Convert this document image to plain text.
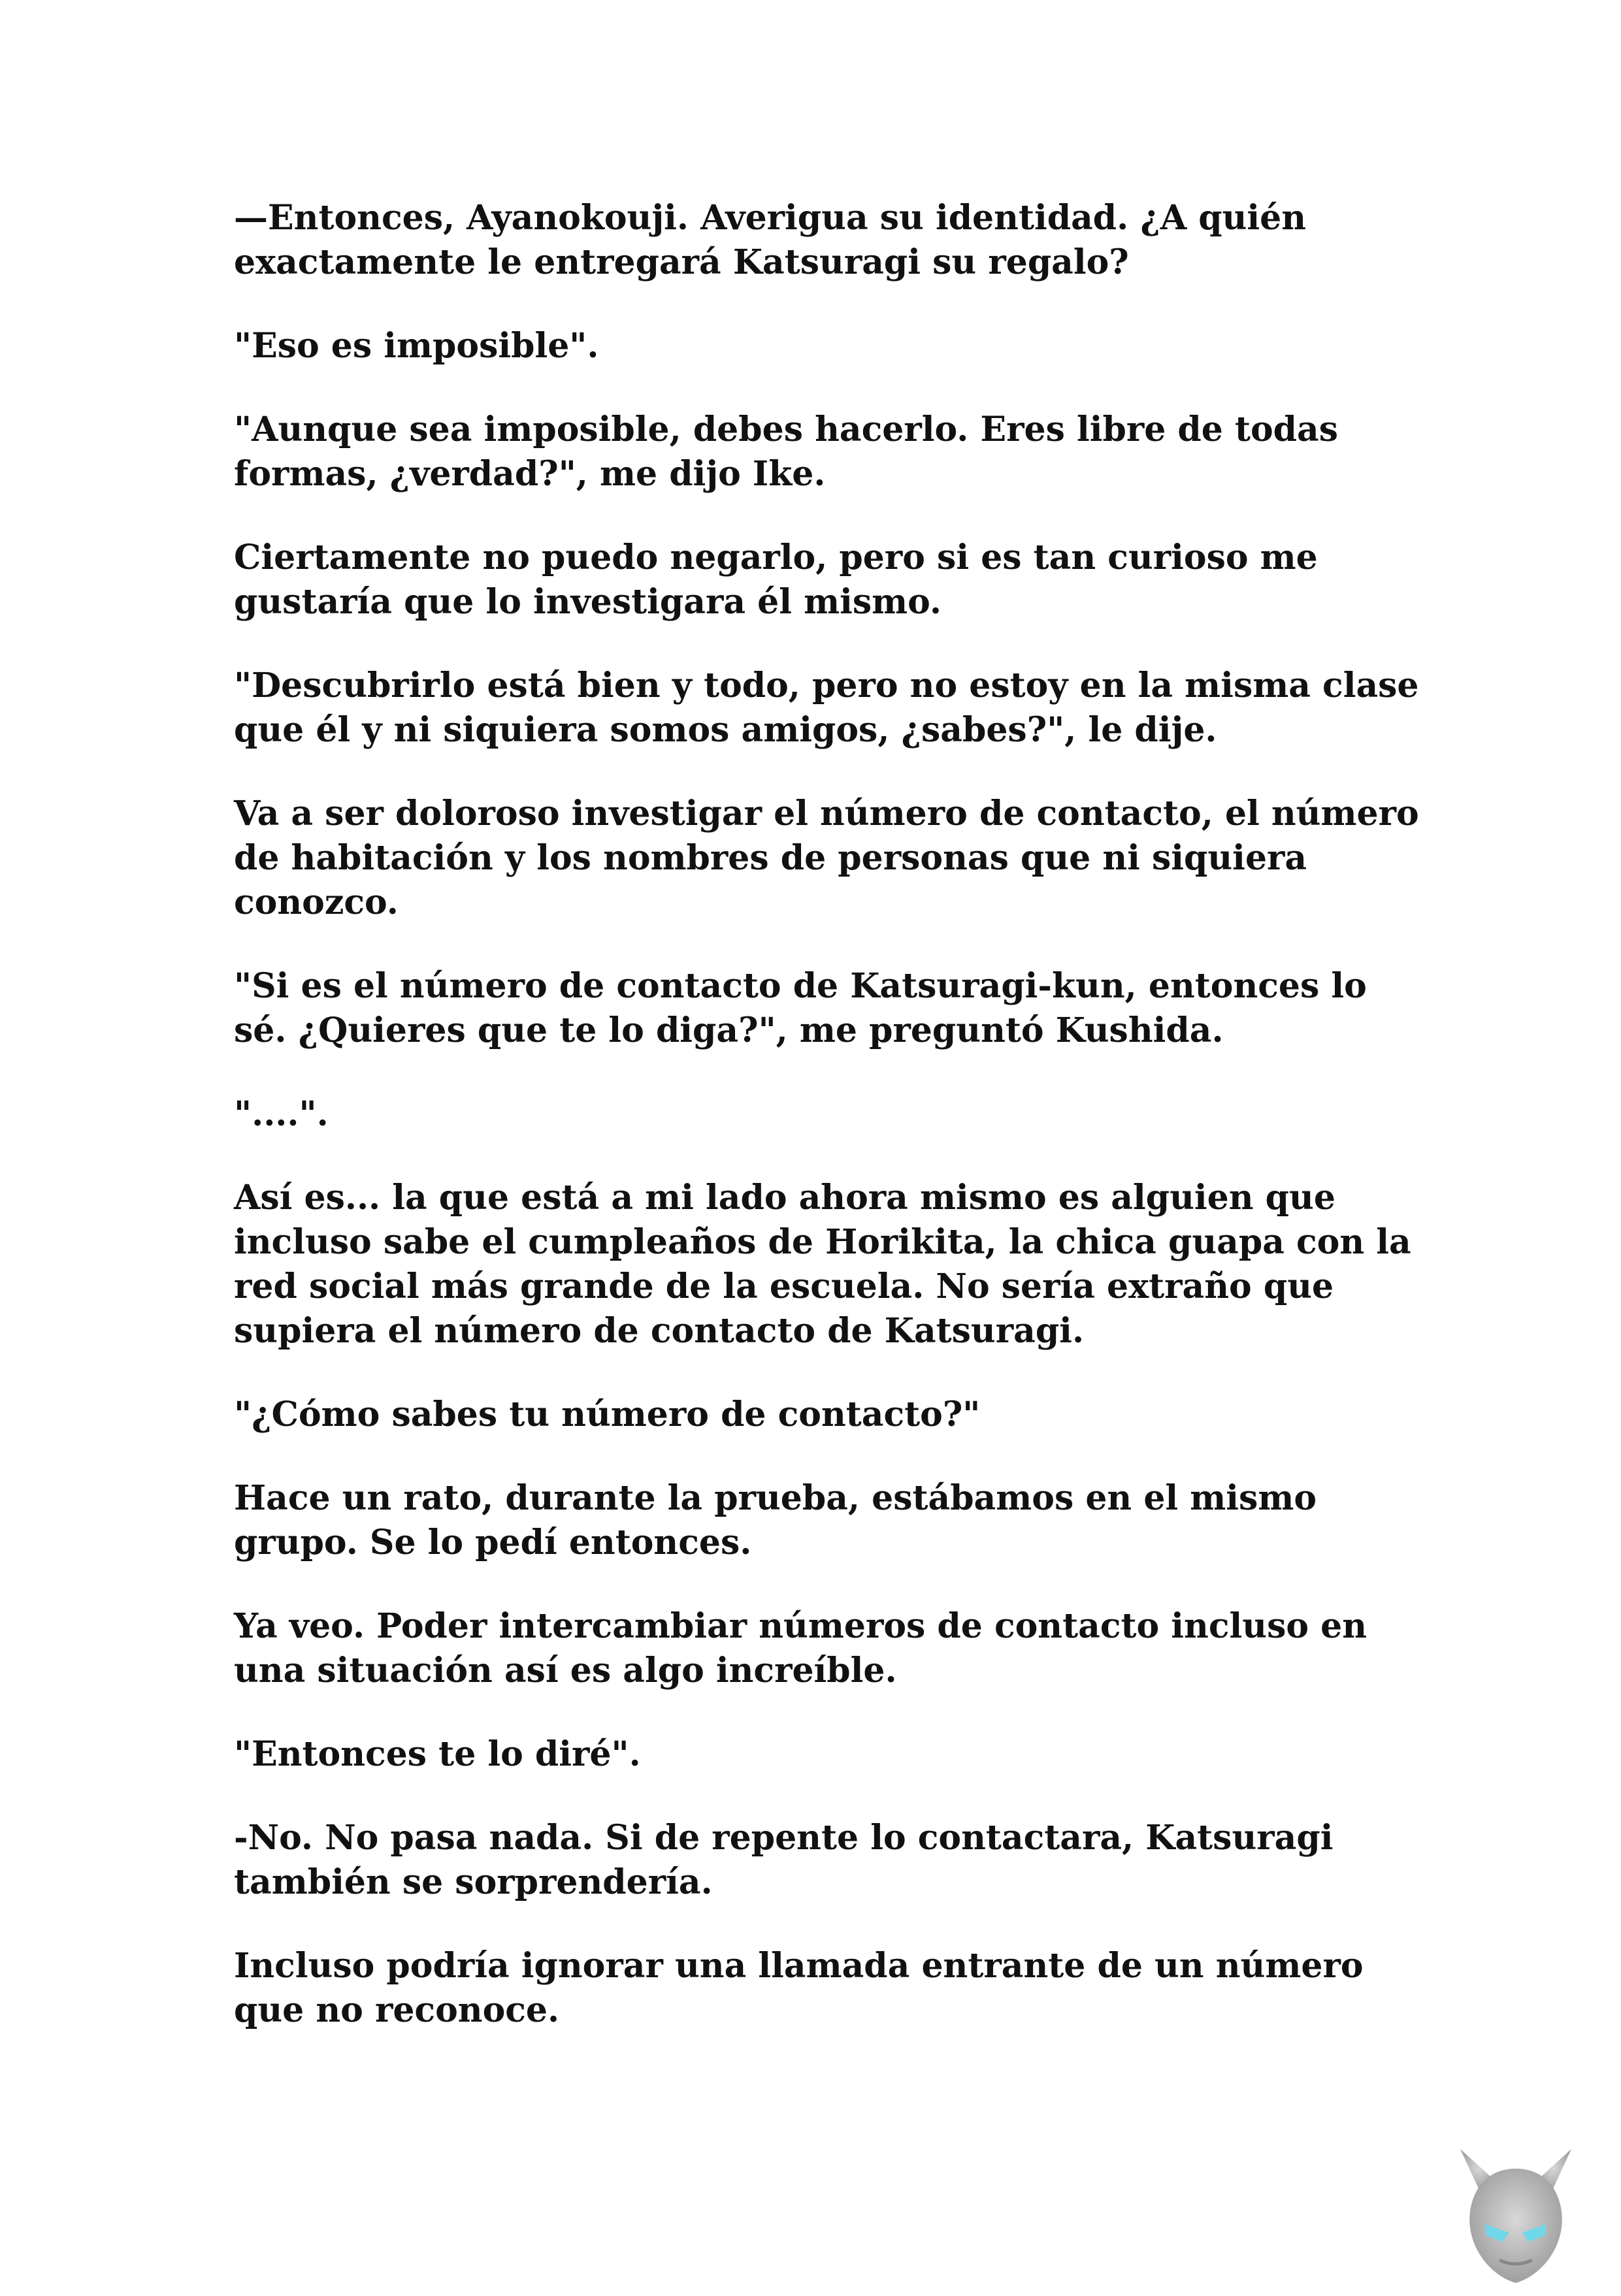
—Entonces, Ayanokouji. Averigua su identidad. ¿A quién exactamente le entregará Katsuragi su regalo?

"Eso es imposible".

"Aunque sea imposible, debes hacerlo. Eres libre de todas formas, ¿verdad?", me dijo Ike.

Ciertamente no puedo negarlo, pero si es tan curioso me gustaría que lo investigara él mismo.

"Descubrirlo está bien y todo, pero no estoy en la misma clase que él y ni siquiera somos amigos, ¿sabes?", le dije.

Va a ser doloroso investigar el número de contacto, el número de habitación y los nombres de personas que ni siquiera conozco.

"Si es el número de contacto de Katsuragi-kun, entonces lo sé. ¿Quieres que te lo diga?", me preguntó Kushida.

"....".

Así es... la que está a mi lado ahora mismo es alguien que incluso sabe el cumpleaños de Horikita, la chica guapa con la red social más grande de la escuela. No sería extraño que supiera el número de contacto de Katsuragi.

"¿Cómo sabes tu número de contacto?"

Hace un rato, durante la prueba, estábamos en el mismo grupo. Se lo pedí entonces.

Ya veo. Poder intercambiar números de contacto incluso en una situación así es algo increíble.

"Entonces te lo diré".

-No. No pasa nada. Si de repente lo contactara, Katsuragi también se sorprendería.

Incluso podría ignorar una llamada entrante de un número que no reconoce.
